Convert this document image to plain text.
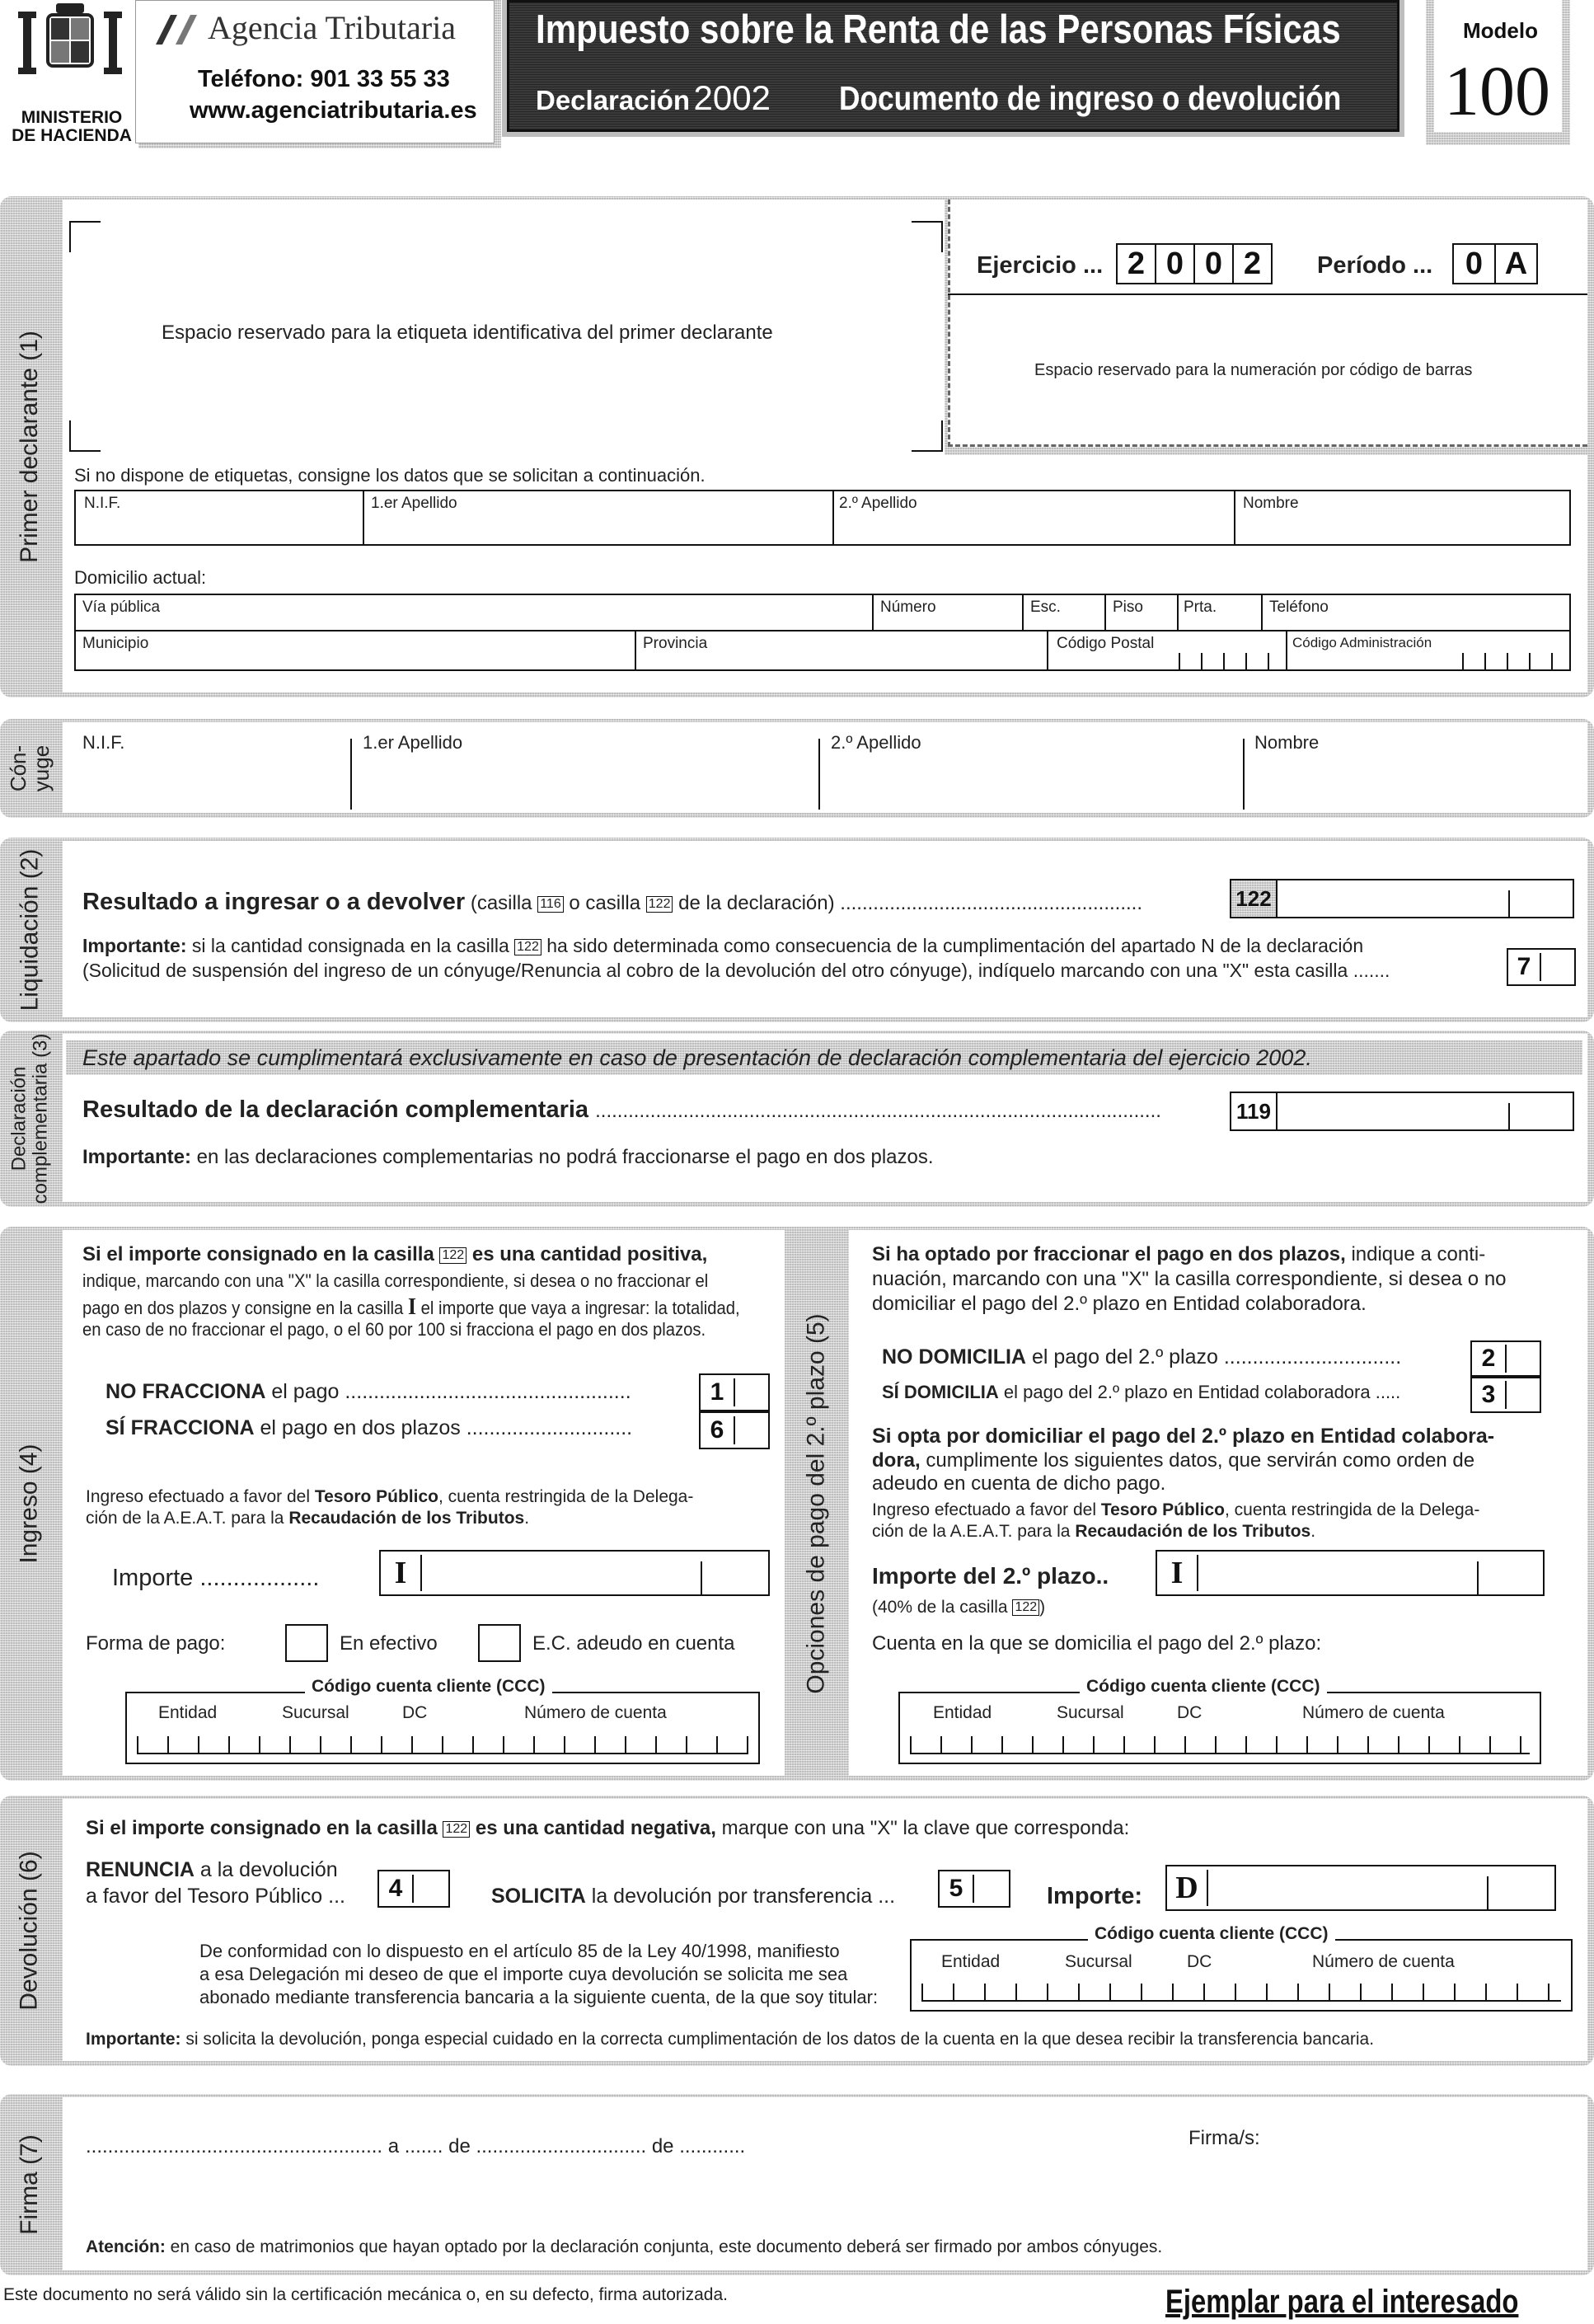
MINISTERIO
DE HACIENDA
Agencia Tributaria
Teléfono: 901 33 55 33
www.agenciatributaria.es
Impuesto sobre la Renta de las Personas Físicas
Declaración 2002 Documento de ingreso o devolución
Modelo
100
Primer declarante (1)	Espacio reservado para la etiqueta identificativa del primer declarante
Ejercicio ... 2 0 0 2	Período ...	0 A
Espacio reservado para la numeración por código de barras
Si no dispone de etiquetas, consigne los datos que se solicitan a continuación.
N.I.F.	1.er Apellido	2.º Apellido	Nombre
Domicilio actual:
Vía pública	Número	Esc.	Piso	Prta.	Teléfono
Municipio	Provincia	Código Postal	Código Administración
Cón-
yuge
N.I.F.	1.er Apellido	2.º Apellido	Nombre
Liquidación (2) Resultado a ingresar o a devolver (casilla 116 o casilla 122 de la declaración) .......................................................	122
Importante: si la cantidad consignada en la casilla 122 ha sido determinada como consecuencia de la cumplimentación del apartado N de la declaración
(Solicitud de suspensión del ingreso de un cónyuge/Renuncia al cobro de la devolución del otro cónyuge), indíquelo marcando con una "X" esta casilla .......	7
Declaración complementaria (3) Este apartado se cumplimentará exclusivamente en caso de presentación de declaración complementaria del ejercicio 2002.
Resultado de la declaración complementaria .......................................................................................................	119
Importante: en las declaraciones complementarias no podrá fraccionarse el pago en dos plazos.
Ingreso (4)	Opciones de pago del 2.º plazo (5)
Si el importe consignado en la casilla 122 es una cantidad positiva,
indique, marcando con una "X" la casilla correspondiente, si desea o no fraccionar el
pago en dos plazos y consigne en la casilla I el importe que vaya a ingresar: la totalidad,
en caso de no fraccionar el pago, o el 60 por 100 si fracciona el pago en dos plazos.
NO FRACCIONA el pago ..................................................	1
SÍ FRACCIONA el pago en dos plazos .............................	6
Ingreso efectuado a favor del Tesoro Público, cuenta restringida de la Delega-
ción de la A.E.A.T. para la Recaudación de los Tributos.
Importe ..................	I
Forma de pago:	En efectivo	E.C. adeudo en cuenta
Código cuenta cliente (CCC)
Entidad	Sucursal	DC	Número de cuenta
Si ha optado por fraccionar el pago en dos plazos, indique a conti-
nuación, marcando con una "X" la casilla correspondiente, si desea o no
domiciliar el pago del 2.º plazo en Entidad colaboradora.
NO DOMICILIA el pago del 2.º plazo ...............................	2
SÍ DOMICILIA el pago del 2.º plazo en Entidad colaboradora .....	3
Si opta por domiciliar el pago del 2.º plazo en Entidad colabora-
dora, cumplimente los siguientes datos, que servirán como orden de
adeudo en cuenta de dicho pago.
Ingreso efectuado a favor del Tesoro Público, cuenta restringida de la Delega-
ción de la A.E.A.T. para la Recaudación de los Tributos.
Importe del 2.º plazo..	I
(40% de la casilla 122 )
Cuenta en la que se domicilia el pago del 2.º plazo:
Código cuenta cliente (CCC)
Entidad	Sucursal	DC	Número de cuenta
Devolución (6)
Si el importe consignado en la casilla 122 es una cantidad negativa, marque con una "X" la clave que corresponda:
RENUNCIA a la devolución
a favor del Tesoro Público ...	4	SOLICITA la devolución por transferencia ...	5	Importe: D
De conformidad con lo dispuesto en el artículo 85 de la Ley 40/1998, manifiesto
a esa Delegación mi deseo de que el importe cuya devolución se solicita me sea
abonado mediante transferencia bancaria a la siguiente cuenta, de la que soy titular:
Código cuenta cliente (CCC)
Entidad	Sucursal	DC	Número de cuenta
Importante: si solicita la devolución, ponga especial cuidado en la correcta cumplimentación de los datos de la cuenta en la que desea recibir la transferencia bancaria.
Firma (7) ...................................................... a ....... de ............................... de ............	Firma/s:
Atención: en caso de matrimonios que hayan optado por la declaración conjunta, este documento deberá ser firmado por ambos cónyuges.
Este documento no será válido sin la certificación mecánica o, en su defecto, firma autorizada.	Ejemplar para el interesado
